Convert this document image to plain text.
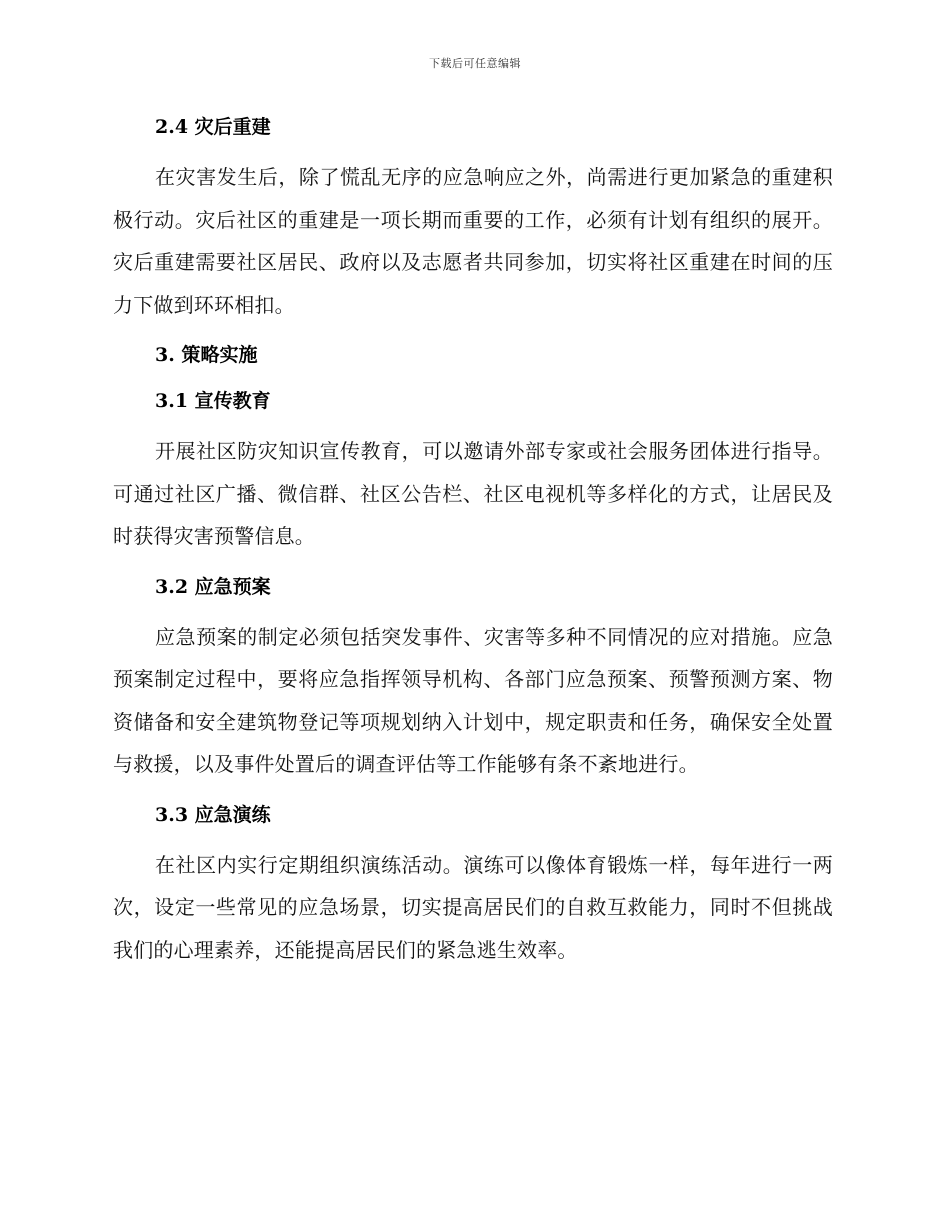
下载后可任意编辑
2.4 灾后重建

在灾害发生后，除了慌乱无序的应急响应之外，尚需进行更加紧急的重建积极行动。灾后社区的重建是一项长期而重要的工作，必须有计划有组织的展开。灾后重建需要社区居民、政府以及志愿者共同参加，切实将社区重建在时间的压力下做到环环相扣。

3. 策略实施
3.1 宣传教育

开展社区防灾知识宣传教育，可以邀请外部专家或社会服务团体进行指导。可通过社区广播、微信群、社区公告栏、社区电视机等多样化的方式，让居民及时获得灾害预警信息。

3.2 应急预案

应急预案的制定必须包括突发事件、灾害等多种不同情况的应对措施。应急预案制定过程中，要将应急指挥领导机构、各部门应急预案、预警预测方案、物资储备和安全建筑物登记等项规划纳入计划中，规定职责和任务，确保安全处置与救援，以及事件处置后的调查评估等工作能够有条不紊地进行。

3.3 应急演练

在社区内实行定期组织演练活动。演练可以像体育锻炼一样，每年进行一两次，设定一些常见的应急场景，切实提高居民们的自救互救能力，同时不但挑战我们的心理素养，还能提高居民们的紧急逃生效率。
